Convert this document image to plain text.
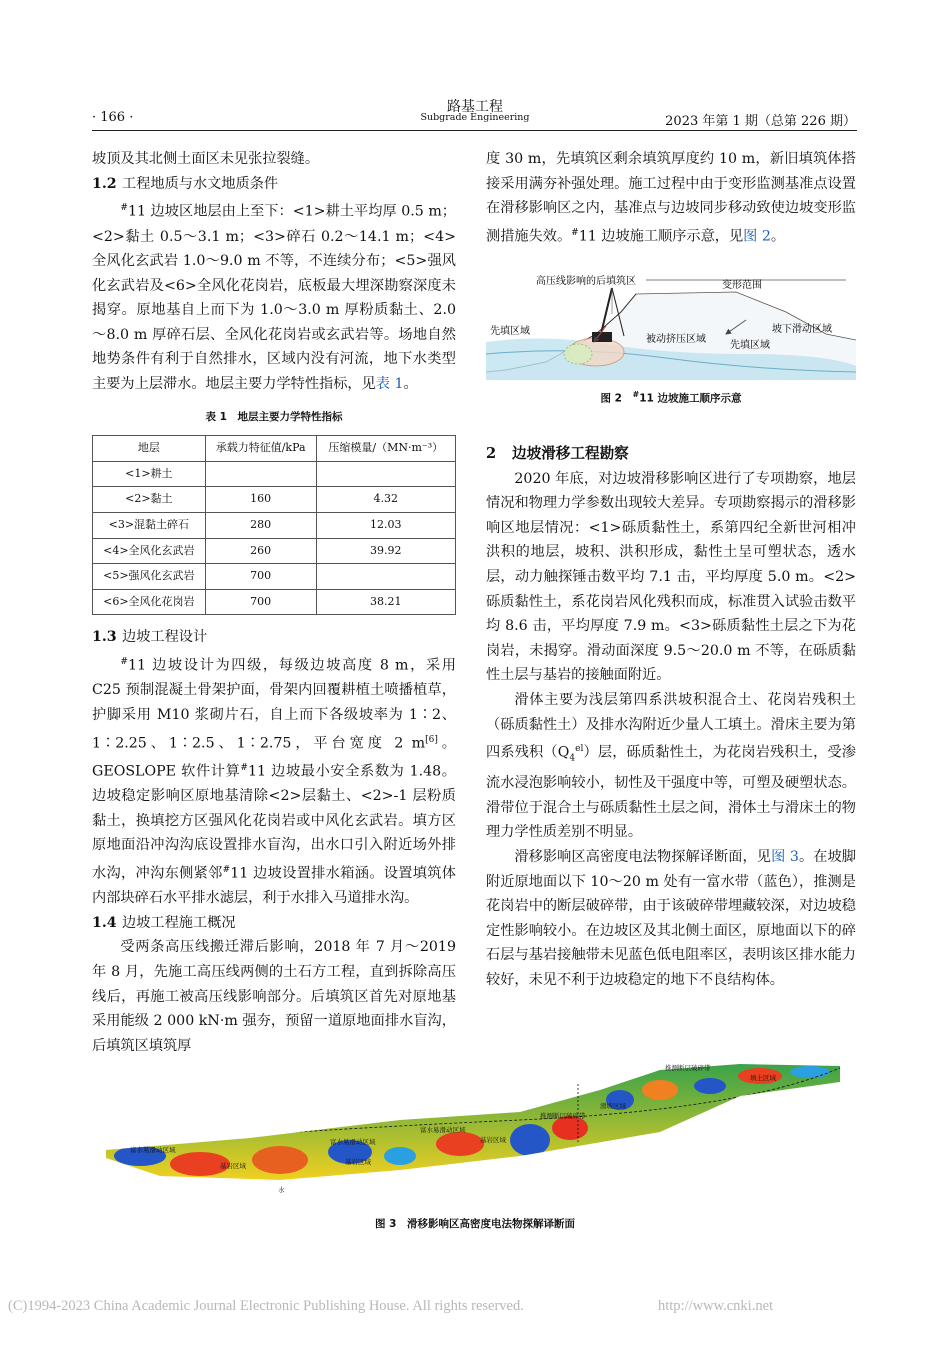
· 166 ·
路基工程
Subgrade Engineering	2023 年第 1 期（总第 226 期）

坡顶及其北侧土面区未见张拉裂缝。

1.2 工程地质与水文地质条件

#11 边坡区地层由上至下：<1>耕土平均厚 0.5 m；<2>黏土 0.5～3.1 m；<3>碎石 0.2～14.1 m；<4>全风化玄武岩 1.0～9.0 m 不等，不连续分布；<5>强风化玄武岩及<6>全风化花岗岩，底板最大埋深勘察深度未揭穿。原地基自上而下为 1.0～3.0 m 厚粉质黏土、2.0～8.0 m 厚碎石层、全风化花岗岩或玄武岩等。场地自然地势条件有利于自然排水，区域内没有河流，地下水类型主要为上层滞水。地层主要力学特性指标，见表 1。

表 1　地层主要力学特性指标
地层	承载力特征值/kPa	压缩模量/（MN·m⁻³）
<1>耕土		
<2>黏土	160	4.32
<3>混黏土碎石	280	12.03
<4>全风化玄武岩	260	39.92
<5>强风化玄武岩	700	
<6>全风化花岗岩	700	38.21
1.3 边坡工程设计

#11 边坡设计为四级，每级边坡高度 8 m，采用 C25 预制混凝土骨架护面，骨架内回覆耕植土喷播植草，护脚采用 M10 浆砌片石，自上而下各级坡率为 1∶2、1∶2.25、1∶2.5、1∶2.75，平台宽度 2 m[6]。GEOSLOPE 软件计算#11 边坡最小安全系数为 1.48。边坡稳定影响区原地基清除<2>层黏土、<2>-1 层粉质黏土，换填挖方区强风化花岗岩或中风化玄武岩。填方区原地面沿冲沟沟底设置排水盲沟，出水口引入附近场外排水沟，冲沟东侧紧邻#11 边坡设置排水箱涵。设置填筑体内部块碎石水平排水滤层，利于水排入马道排水沟。

1.4 边坡工程施工概况

受两条高压线搬迁滞后影响，2018 年 7 月～2019 年 8 月，先施工高压线两侧的土石方工程，直到拆除高压线后，再施工被高压线影响部分。后填筑区首先对原地基采用能级 2 000 kN·m 强夯，预留一道原地面排水盲沟，后填筑区填筑厚

度 30 m，先填筑区剩余填筑厚度约 10 m，新旧填筑体搭接采用满夯补强处理。施工过程中由于变形监测基准点设置在滑移影响区之内，基准点与边坡同步移动致使边坡变形监测措施失效。#11 边坡施工顺序示意，见图 2。

高压线影响的后填筑区	变形范围
先填区域
被动挤压区域
先填区域
坡下滑动区域
图 2　#11 边坡施工顺序示意
2 边坡滑移工程勘察

2020 年底，对边坡滑移影响区进行了专项勘察，地层情况和物理力学参数出现较大差异。专项勘察揭示的滑移影响区地层情况：<1>砾质黏性土，系第四纪全新世河相冲洪积的地层，坡积、洪积形成，黏性土呈可塑状态，透水层，动力触探锤击数平均 7.1 击，平均厚度 5.0 m。<2>砾质黏性土，系花岗岩风化残积而成，标准贯入试验击数平均 8.6 击，平均厚度 7.9 m。<3>砾质黏性土层之下为花岗岩，未揭穿。滑动面深度 9.5～20.0 m 不等，在砾质黏性土层与基岩的接触面附近。

滑体主要为浅层第四系洪坡积混合土、花岗岩残积土（砾质黏性土）及排水沟附近少量人工填土。滑床主要为第四系残积$(Q_4^{el})$层，砾质黏性土，为花岗岩残积土，受渗流水浸泡影响较小，韧性及干强度中等，可塑及硬塑状态。滑带位于混合土与砾质黏性土层之间，滑体土与滑床土的物理力学性质差别不明显。

滑移影响区高密度电法物探解译断面，见图 3。在坡脚附近原地面以下 10～20 m 处有一富水带（蓝色），推测是花岗岩中的断层破碎带，由于该破碎带埋藏较深，对边坡稳定性影响较小。在边坡区及其北侧土面区，原地面以下的碎石层与基岩接触带未见蓝色低电阻率区，表明该区排水能力较好，未见不利于边坡稳定的地下不良结构体。

推测断层破碎带
填土区域
滑坡区域
富水易滑动区域
富水易滑动区域
富水易滑动区域
基岩区域	基岩区域
基岩区域
推测断层破碎带
水
图 3　滑移影响区高密度电法物探解译断面
(C)1994-2023 China Academic Journal Electronic Publishing House. All rights reserved.	http://www.cnki.net
